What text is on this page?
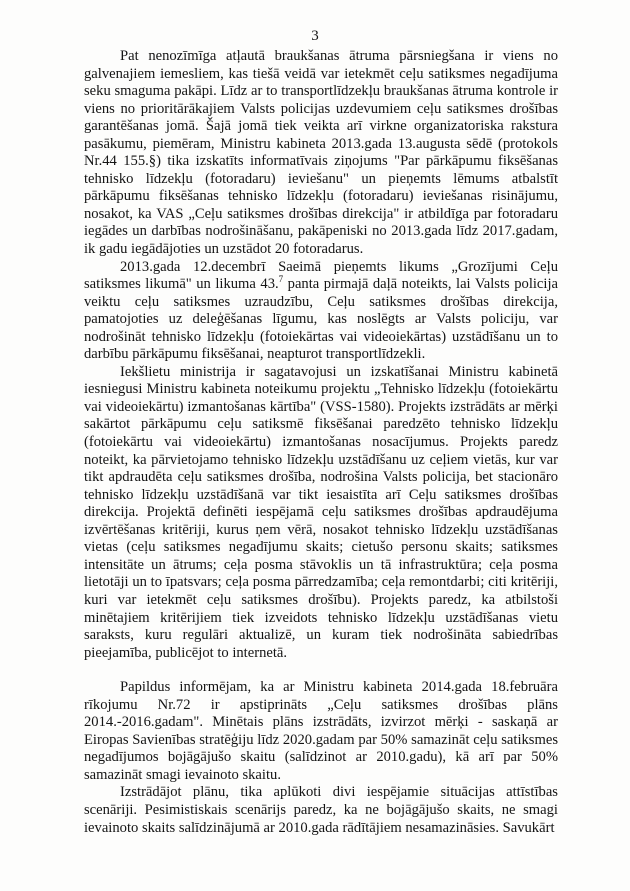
3

Pat nenozīmīga atļautā braukšanas ātruma pārsniegšana ir viens no galvenajiem iemesliem, kas tiešā veidā var ietekmēt ceļu satiksmes negadījuma seku smaguma pakāpi. Līdz ar to transportlīdzekļu braukšanas ātruma kontrole ir viens no prioritārākajiem Valsts policijas uzdevumiem ceļu satiksmes drošības garantēšanas jomā. Šajā jomā tiek veikta arī virkne organizatoriska rakstura pasākumu, piemēram, Ministru kabineta 2013.gada 13.augusta sēdē (protokols Nr.44 155.§) tika izskatīts informatīvais ziņojums "Par pārkāpumu fiksēšanas tehnisko līdzekļu (fotoradaru) ieviešanu" un pieņemts lēmums atbalstīt pārkāpumu fiksēšanas tehnisko līdzekļu (fotoradaru) ieviešanas risinājumu, nosakot, ka VAS „Ceļu satiksmes drošības direkcija" ir atbildīga par fotoradaru iegādes un darbības nodrošināšanu, pakāpeniski no 2013.gada līdz 2017.gadam, ik gadu iegādājoties un uzstādot 20 fotoradarus.

2013.gada 12.decembrī Saeimā pieņemts likums „Grozījumi Ceļu satiksmes likumā" un likuma 43.$^7$ panta pirmajā daļā noteikts, lai Valsts policija veiktu ceļu satiksmes uzraudzību, Ceļu satiksmes drošības direkcija, pamatojoties uz deleģēšanas līgumu, kas noslēgts ar Valsts policiju, var nodrošināt tehnisko līdzekļu (fotoiekārtas vai videoiekārtas) uzstādīšanu un to darbību pārkāpumu fiksēšanai, neapturot transportlīdzekli.

Iekšlietu ministrija ir sagatavojusi un izskatīšanai Ministru kabinetā iesniegusi Ministru kabineta noteikumu projektu „Tehnisko līdzekļu (fotoiekārtu vai videoiekārtu) izmantošanas kārtība" (VSS-1580). Projekts izstrādāts ar mērķi sakārtot pārkāpumu ceļu satiksmē fiksēšanai paredzēto tehnisko līdzekļu (fotoiekārtu vai videoiekārtu) izmantošanas nosacījumus. Projekts paredz noteikt, ka pārvietojamo tehnisko līdzekļu uzstādīšanu uz ceļiem vietās, kur var tikt apdraudēta ceļu satiksmes drošība, nodrošina Valsts policija, bet stacionāro tehnisko līdzekļu uzstādīšanā var tikt iesaistīta arī Ceļu satiksmes drošības direkcija. Projektā definēti iespējamā ceļu satiksmes drošības apdraudējuma izvērtēšanas kritēriji, kurus ņem vērā, nosakot tehnisko līdzekļu uzstādīšanas vietas (ceļu satiksmes negadījumu skaits; cietušo personu skaits; satiksmes intensitāte un ātrums; ceļa posma stāvoklis un tā infrastruktūra; ceļa posma lietotāji un to īpatsvars; ceļa posma pārredzamība; ceļa remontdarbi; citi kritēriji, kuri var ietekmēt ceļu satiksmes drošību). Projekts paredz, ka atbilstoši minētajiem kritērijiem tiek izveidots tehnisko līdzekļu uzstādīšanas vietu saraksts, kuru regulāri aktualizē, un kuram tiek nodrošināta sabiedrības pieejamība, publicējot to internetā.

Papildus informējam, ka ar Ministru kabineta 2014.gada 18.februāra rīkojumu Nr.72 ir apstiprināts „Ceļu satiksmes drošības plāns 2014.-2016.gadam". Minētais plāns izstrādāts, izvirzot mērķi - saskaņā ar Eiropas Savienības stratēģiju līdz 2020.gadam par 50% samazināt ceļu satiksmes negadījumos bojāgājušo skaitu (salīdzinot ar 2010.gadu), kā arī par 50% samazināt smagi ievainoto skaitu.

Izstrādājot plānu, tika aplūkoti divi iespējamie situācijas attīstības scenāriji. Pesimistiskais scenārijs paredz, ka ne bojāgājušo skaits, ne smagi ievainoto skaits salīdzinājumā ar 2010.gada rādītājiem nesamazināsies. Savukārt
